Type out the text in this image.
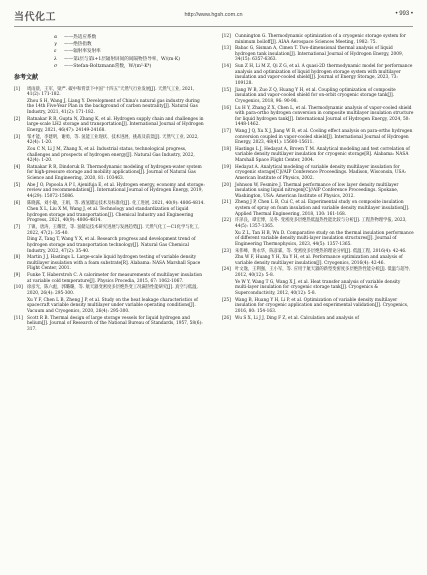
当代化工	http://www.hgsh.com.cn	• 993 •
α	——热适应系数
γ	——绝热指数
ε	——辐射率发射率
λ	——第i层与第i+1层辐射屏间的间隔物热导率，W/(m·K)
σ	——Stefan-Boltzmann常数，W/(m²·K⁴)
参考文献
[1]	周雨晨，王军，梁严. 碳中和背景下中国“十四五”天然气行业发展[J]. 天然气工业, 2021, 41(2): 171-182.
Zhou S H, Wang J, Liang Y. Development of China's natural gas industry during the 14th Five-Year Plan in the background of carbon neutrality[J]. Natural Gas Industry, 2021, 41(2): 171-182.
[2]	Ratnakar R R, Gupta N, Zhang K, et al. Hydrogen supply chain and challenges in large-scale LH2 storage and transportation[J]. International Journal of Hydrogen Energy, 2021, 46(47): 24149-24168.
[3]	邹才能，李建明，谢勇，等. 氢能工业现状、技术进展、挑战及前景[J]. 天然气工业, 2022, 42(4): 1-20.
Zou C N, Li J M, Zhang X, et al. Industrial status, technological progress, challenges and prospects of hydrogen energy[J]. Natural Gas Industry, 2022, 42(4): 1-20.
[4]	Ratnakar R R, Dindoruk B. Thermodynamic modeling of hydrogen-water system for high-pressure storage and mobility applications[J]. Journal of Natural Gas Science and Engineering, 2020, 81: 103463.
[5]	Abe J O, Popoola A P I, Ajenifuja E, et al. Hydrogen energy, economy and storage: review and recommendation[J]. International Journal of Hydrogen Energy, 2019, 44(29): 15072-15086.
[6]	陈晓露，刘小敏，王娟，等. 液氢储运技术及标准化[J]. 化工进展, 2021, 40(9): 4806-4814.
Chen X L, Liu X M, Wang J, et al. Technology and standardization of liquid hydrogen storage and transportation[J]. Chemical Industry and Engineering Progress, 2021, 40(9): 4806-4814.
[7]	丁镇，唐涛，王耀萱，等. 氢储运技术研究进展与发展趋势[J]. 天然气化工—C1化学与化工, 2022, 47(2): 35-40.
Ding Z, Tang T, Wang Y X, et al. Research progress and development trend of hydrogen storage and transportation technology[J]. Natural Gas Chemical Industry, 2022, 47(2): 35-40.
[8]	Martin J J, Hastings L. Large-scale liquid hydrogen testing of variable density multilayer insulation with a foam substrate[R]. Alabama: NASA Marshall Space Flight Center, 2001.
[9]	Funke T, Haberstroh C. A calorimeter for measurements of multilayer insulation at variable cold temperature[J]. Physics Procedia, 2015, 67: 1062-1067.
[10] 徐彦光，陈六彪，郭璐璐，等. 航天器变密度多层绝热变工况漏热性能研究[J]. 真空与低温, 2020, 26(4): 295-300.
Xu Y F, Chen L B, Zheng J P, et al. Study on the heat leakage characteristics of spacecraft variable density multilayer under variable operating conditions[J]. Vacuum and Cryogenics, 2020, 26(4): 295-300.
[11] Scott R B. Thermal design of large storage vessels for liquid hydrogen and helium[J]. Journal of Research of the National Bureau of Standards, 1957, 58(6): 317.
[12] Cunnington G. Thermodynamic optimization of a cryogenic storage system for minimum boiloff[J]. AIAA Aerospace Sciences Meeting, 1982: 75.
[13] Babac G, Sisman A, Cimen T. Two-dimensional thermal analysis of liquid hydrogen tank insulation[J]. International Journal of Hydrogen Energy, 2009, 34(15): 6357-6363.
[14] Sun Z H, Li M Z, Qi Z G, et al. A quasi-2D thermodynamic model for performance analysis and optimization of liquid hydrogen storage system with multilayer insulation and vapor-cooled shield[J]. Journal of Energy Storage, 2023, 73: 109128.
[15] Jiang W B, Zuo Z Q, Huang Y H, et al. Coupling optimization of composite insulation and vapor-cooled shield for on-orbit cryogenic storage tank[J]. Cryogenics, 2018, 96: 90-98.
[16] Lu H Y, Zhang Z X, Chen L, et al. Thermodynamic analysis of vapor-cooled shield with para-ortho hydrogen conversion in composite multilayer insulation structure for liquid hydrogen tank[J]. International Journal of Hydrogen Energy, 2024, 50: 1448-1462.
[17] Wang J Q, Xu X J, Jiang W B, et al. Cooling effect analysis on para-ortho hydrogen conversion coupled in vapor-cooled shield[J]. International Journal of Hydrogen Energy, 2023, 48(41): 15600-15611.
[18] Hastings L J, Hedayat A, Brown T M. Analytical modeling and test correlation of variable density multilayer insulation for cryogenic storage[R]. Alabama: NASA Marshall Space Flight Center, 2004.
[19] Hedayat A. Analytical modeling of variable density multilayer insulation for cryogenic storage[C]//AIP Conference Proceedings. Madison, Wisconsin, USA: American Institute of Physics, 2002.
[20] Johnson W, Fesmire J. Thermal performance of low layer density multilayer insulation using liquid nitrogen[C]//AIP Conference Proceedings. Spokane, Washington, USA: American Institute of Physics, 2012.
[21] Zheng J P, Chen L B, Cui C, et al. Experimental study on composite insulation system of spray on foam insulation and variable density multilayer insulation[J]. Applied Thermal Engineering, 2018, 130: 161-168.
[22] 许泽良，谭宏博，吴冬. 变密度多层绝热低温热性能比较与分析[J]. 工程热物理学报, 2023, 44(5): 1357-1365.
Xu Z L, Tan H B, Wu D. Comparative study on the thermal insulation performance of different variable density multi-layer insulation structures[J]. Journal of Engineering Thermophysics, 2023, 44(5): 1357-1365.
[23] 朱伟峰，黄永华，陈彦霖，等. 变密度多层绝热的理论分析[J]. 低温工程, 2016(4): 42-46.
Zhu W F, Huang Y H, Xu Y H, et al. Performance optimization and analysis of variable density multilayer insulation[J]. Cryogenics, 2016(4): 42-46.
[24] 叶文逸，王利强，王小军，等. 应用于航天器的新型变密度多层绝热性能分析[J]. 低温与超导, 2012, 40(12): 5-8.
Ye W Y, Wang T G, Wang X J, et al. Heat transfer analysis of variable density multi-layer insulation for cryogenic storage tank[J]. Cryogenics & Superconductivity, 2012, 40(12): 5-8.
[25] Wang B, Huang Y H, Li P, et al. Optimization of variable density multilayer insulation for cryogenic application and experimental validation[J]. Cryogenics, 2016, 80: 154-163.
[26] Wu S X, Li J J, Ding F Z, et al. Calculation and analysis of
